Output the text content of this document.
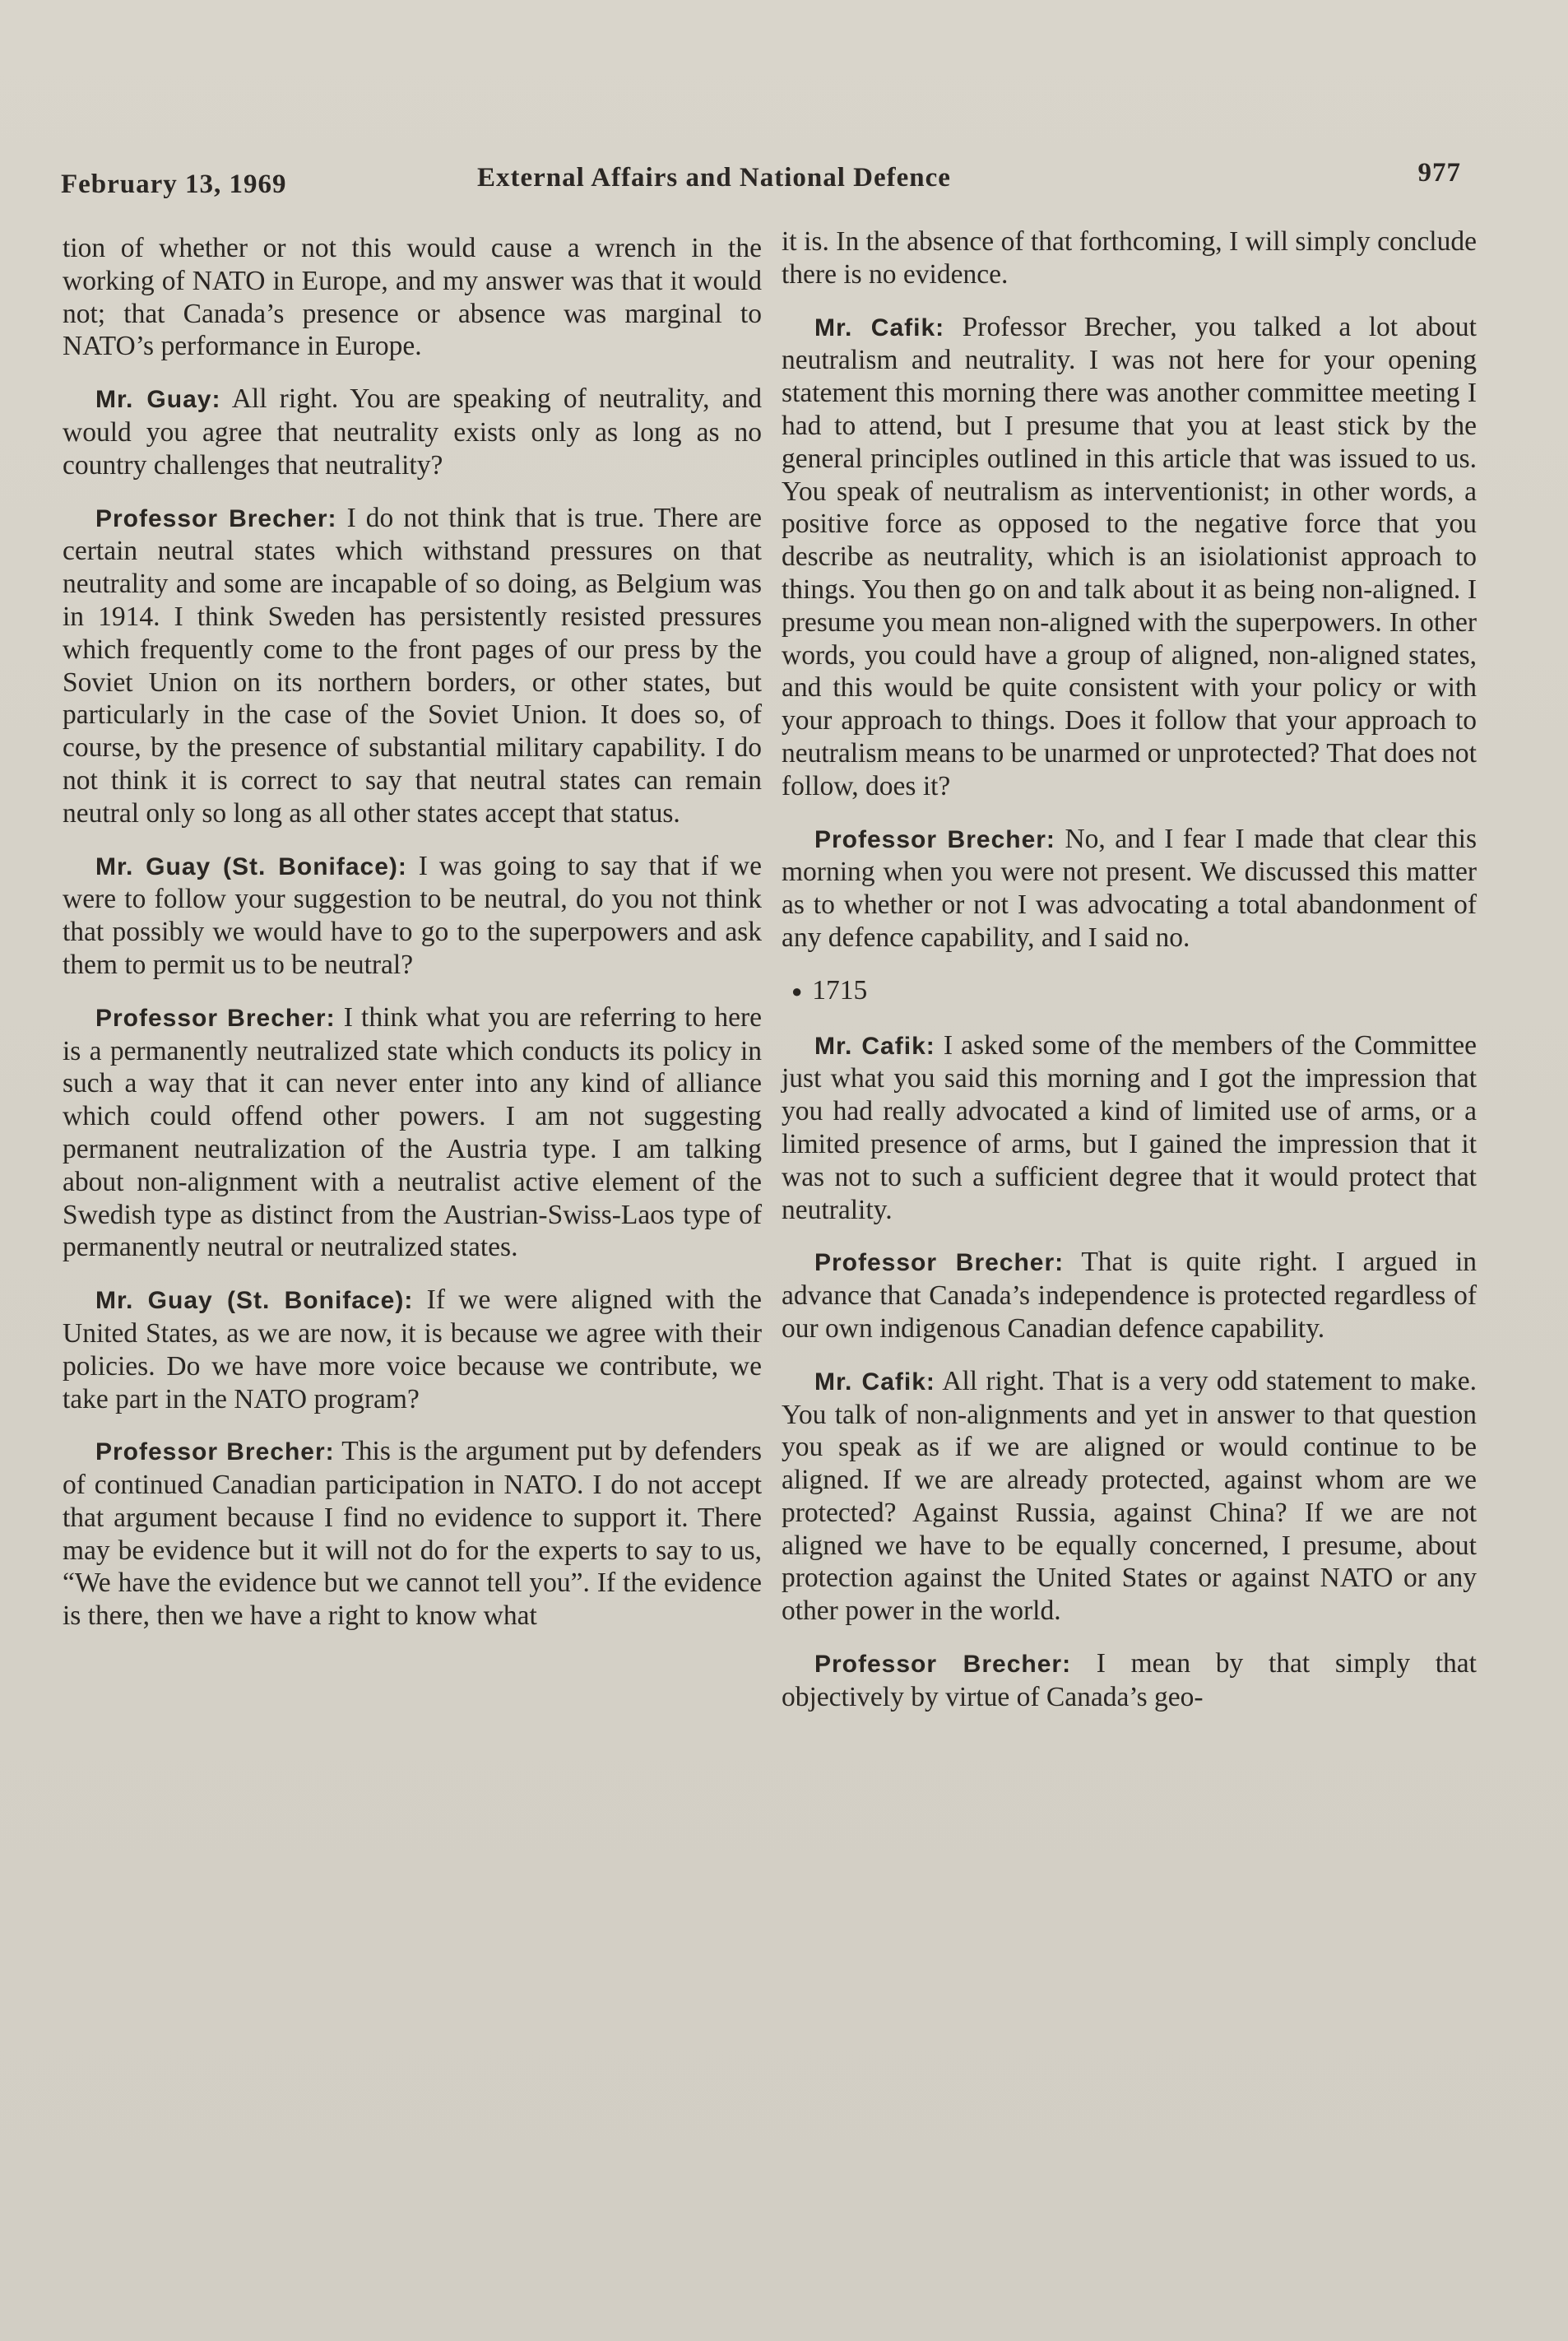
February 13, 1969	External Affairs and National Defence	977

tion of whether or not this would cause a wrench in the working of NATO in Europe, and my answer was that it would not; that Canada’s presence or absence was marginal to NATO’s performance in Europe.

Mr. Guay: All right. You are speaking of neutrality, and would you agree that neutrality exists only as long as no country challenges that neutrality?

Professor Brecher: I do not think that is true. There are certain neutral states which withstand pressures on that neutrality and some are incapable of so doing, as Belgium was in 1914. I think Sweden has persistently resisted pressures which frequently come to the front pages of our press by the Soviet Union on its northern borders, or other states, but particularly in the case of the Soviet Union. It does so, of course, by the presence of substantial military capability. I do not think it is correct to say that neutral states can remain neutral only so long as all other states accept that status.

Mr. Guay (St. Boniface): I was going to say that if we were to follow your suggestion to be neutral, do you not think that possibly we would have to go to the superpowers and ask them to permit us to be neutral?

Professor Brecher: I think what you are referring to here is a permanently neutralized state which conducts its policy in such a way that it can never enter into any kind of alliance which could offend other powers. I am not suggesting permanent neutralization of the Austria type. I am talking about non-alignment with a neutralist active element of the Swedish type as distinct from the Austrian-Swiss-Laos type of permanently neutral or neutralized states.

Mr. Guay (St. Boniface): If we were aligned with the United States, as we are now, it is because we agree with their policies. Do we have more voice because we contribute, we take part in the NATO program?

Professor Brecher: This is the argument put by defenders of continued Canadian participation in NATO. I do not accept that argument because I find no evidence to support it. There may be evidence but it will not do for the experts to say to us, “We have the evidence but we cannot tell you”. If the evidence is there, then we have a right to know what

it is. In the absence of that forthcoming, I will simply conclude there is no evidence.

Mr. Cafik: Professor Brecher, you talked a lot about neutralism and neutrality. I was not here for your opening statement this morning there was another committee meeting I had to attend, but I presume that you at least stick by the general principles outlined in this article that was issued to us. You speak of neutralism as interventionist; in other words, a positive force as opposed to the negative force that you describe as neutrality, which is an isiolationist approach to things. You then go on and talk about it as being non-aligned. I presume you mean non-aligned with the superpowers. In other words, you could have a group of aligned, non-aligned states, and this would be quite consistent with your policy or with your approach to things. Does it follow that your approach to neutralism means to be unarmed or unprotected? That does not follow, does it?

Professor Brecher: No, and I fear I made that clear this morning when you were not present. We discussed this matter as to whether or not I was advocating a total abandonment of any defence capability, and I said no.

● 1715

Mr. Cafik: I asked some of the members of the Committee just what you said this morning and I got the impression that you had really advocated a kind of limited use of arms, or a limited presence of arms, but I gained the impression that it was not to such a sufficient degree that it would protect that neutrality.

Professor Brecher: That is quite right. I argued in advance that Canada’s independence is protected regardless of our own indigenous Canadian defence capability.

Mr. Cafik: All right. That is a very odd statement to make. You talk of non-alignments and yet in answer to that question you speak as if we are aligned or would continue to be aligned. If we are already protected, against whom are we protected? Against Russia, against China? If we are not aligned we have to be equally concerned, I presume, about protection against the United States or against NATO or any other power in the world.

Professor Brecher: I mean by that simply that objectively by virtue of Canada’s geo-
